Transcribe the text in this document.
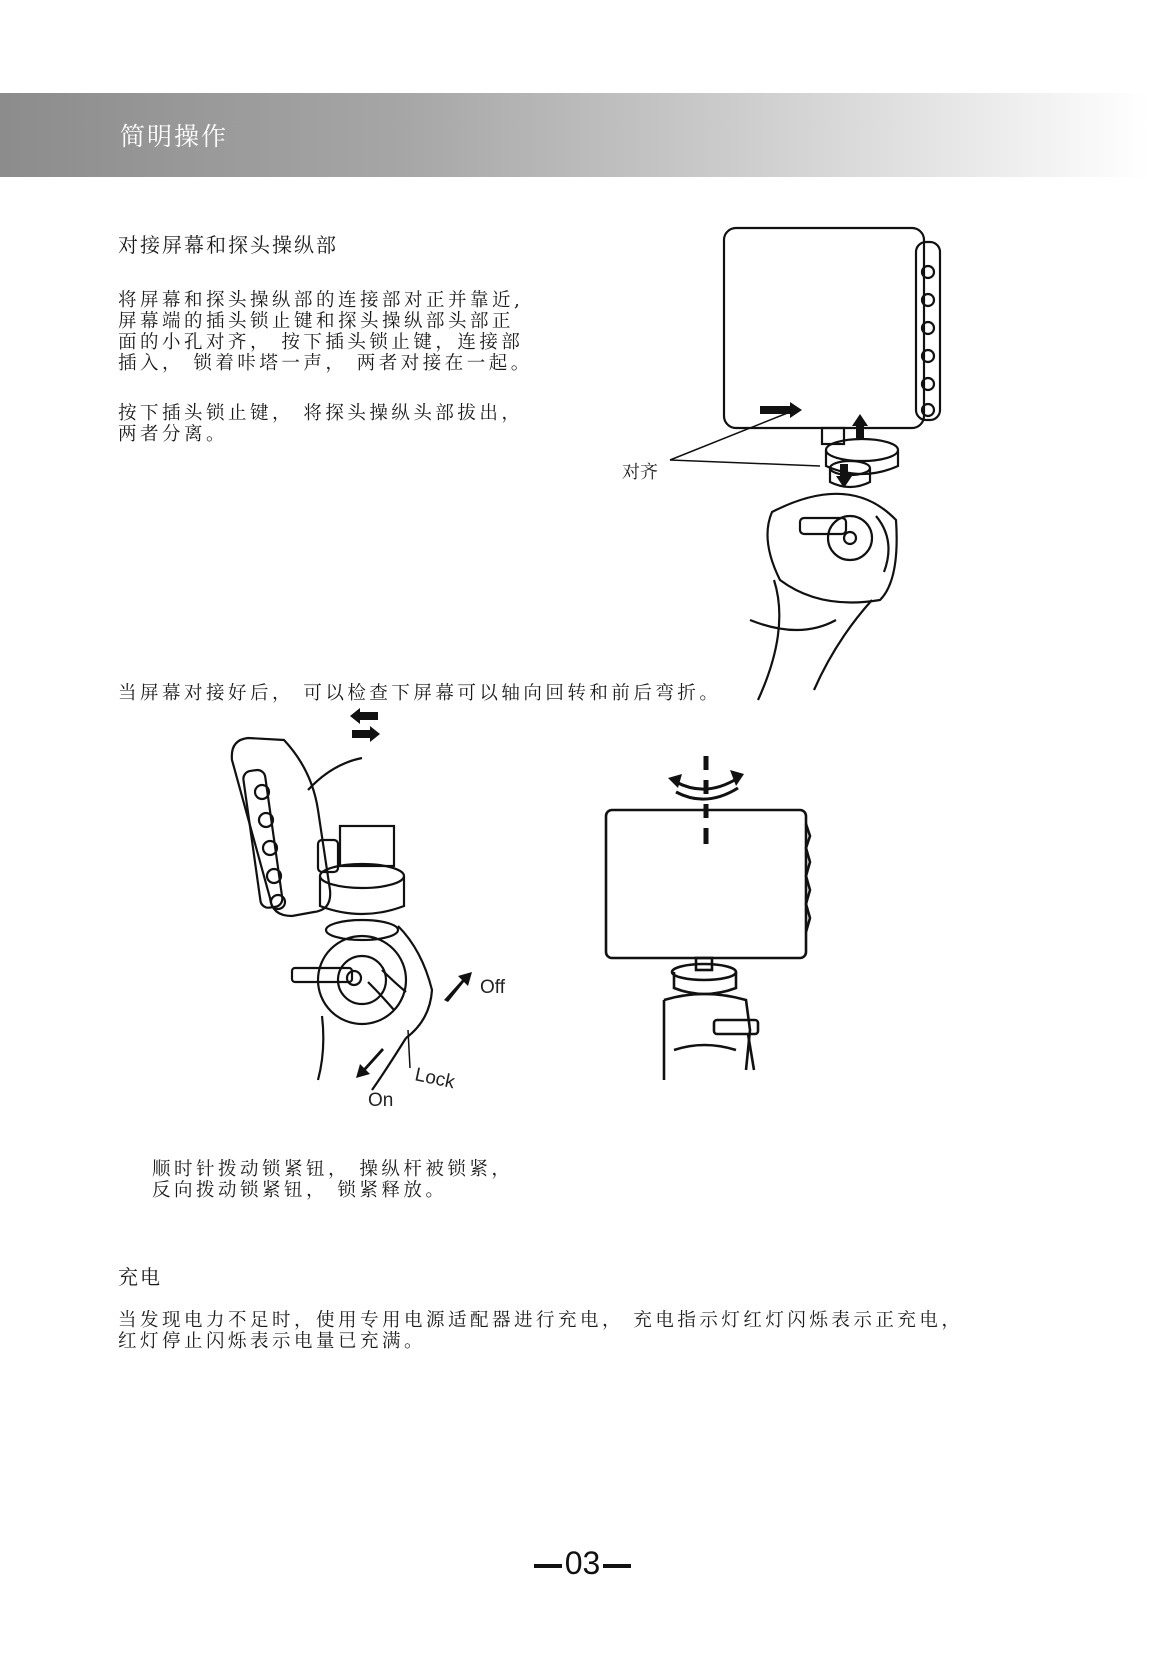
简明操作
对接屏幕和探头操纵部
将屏幕和探头操纵部的连接部对正并靠近,
屏幕端的插头锁止键和探头操纵部头部正
面的小孔对齐， 按下插头锁止键，连接部
插入， 锁着咔塔一声， 两者对接在一起。
按下插头锁止键， 将探头操纵头部拔出，
两者分离。
对齐
当屏幕对接好后， 可以检查下屏幕可以轴向回转和前后弯折。
Off
Lock
On
顺时针拨动锁紧钮， 操纵杆被锁紧，
反向拨动锁紧钮， 锁紧释放。
充电
当发现电力不足时，使用专用电源适配器进行充电， 充电指示灯红灯闪烁表示正充电，
红灯停止闪烁表示电量已充满。
03
